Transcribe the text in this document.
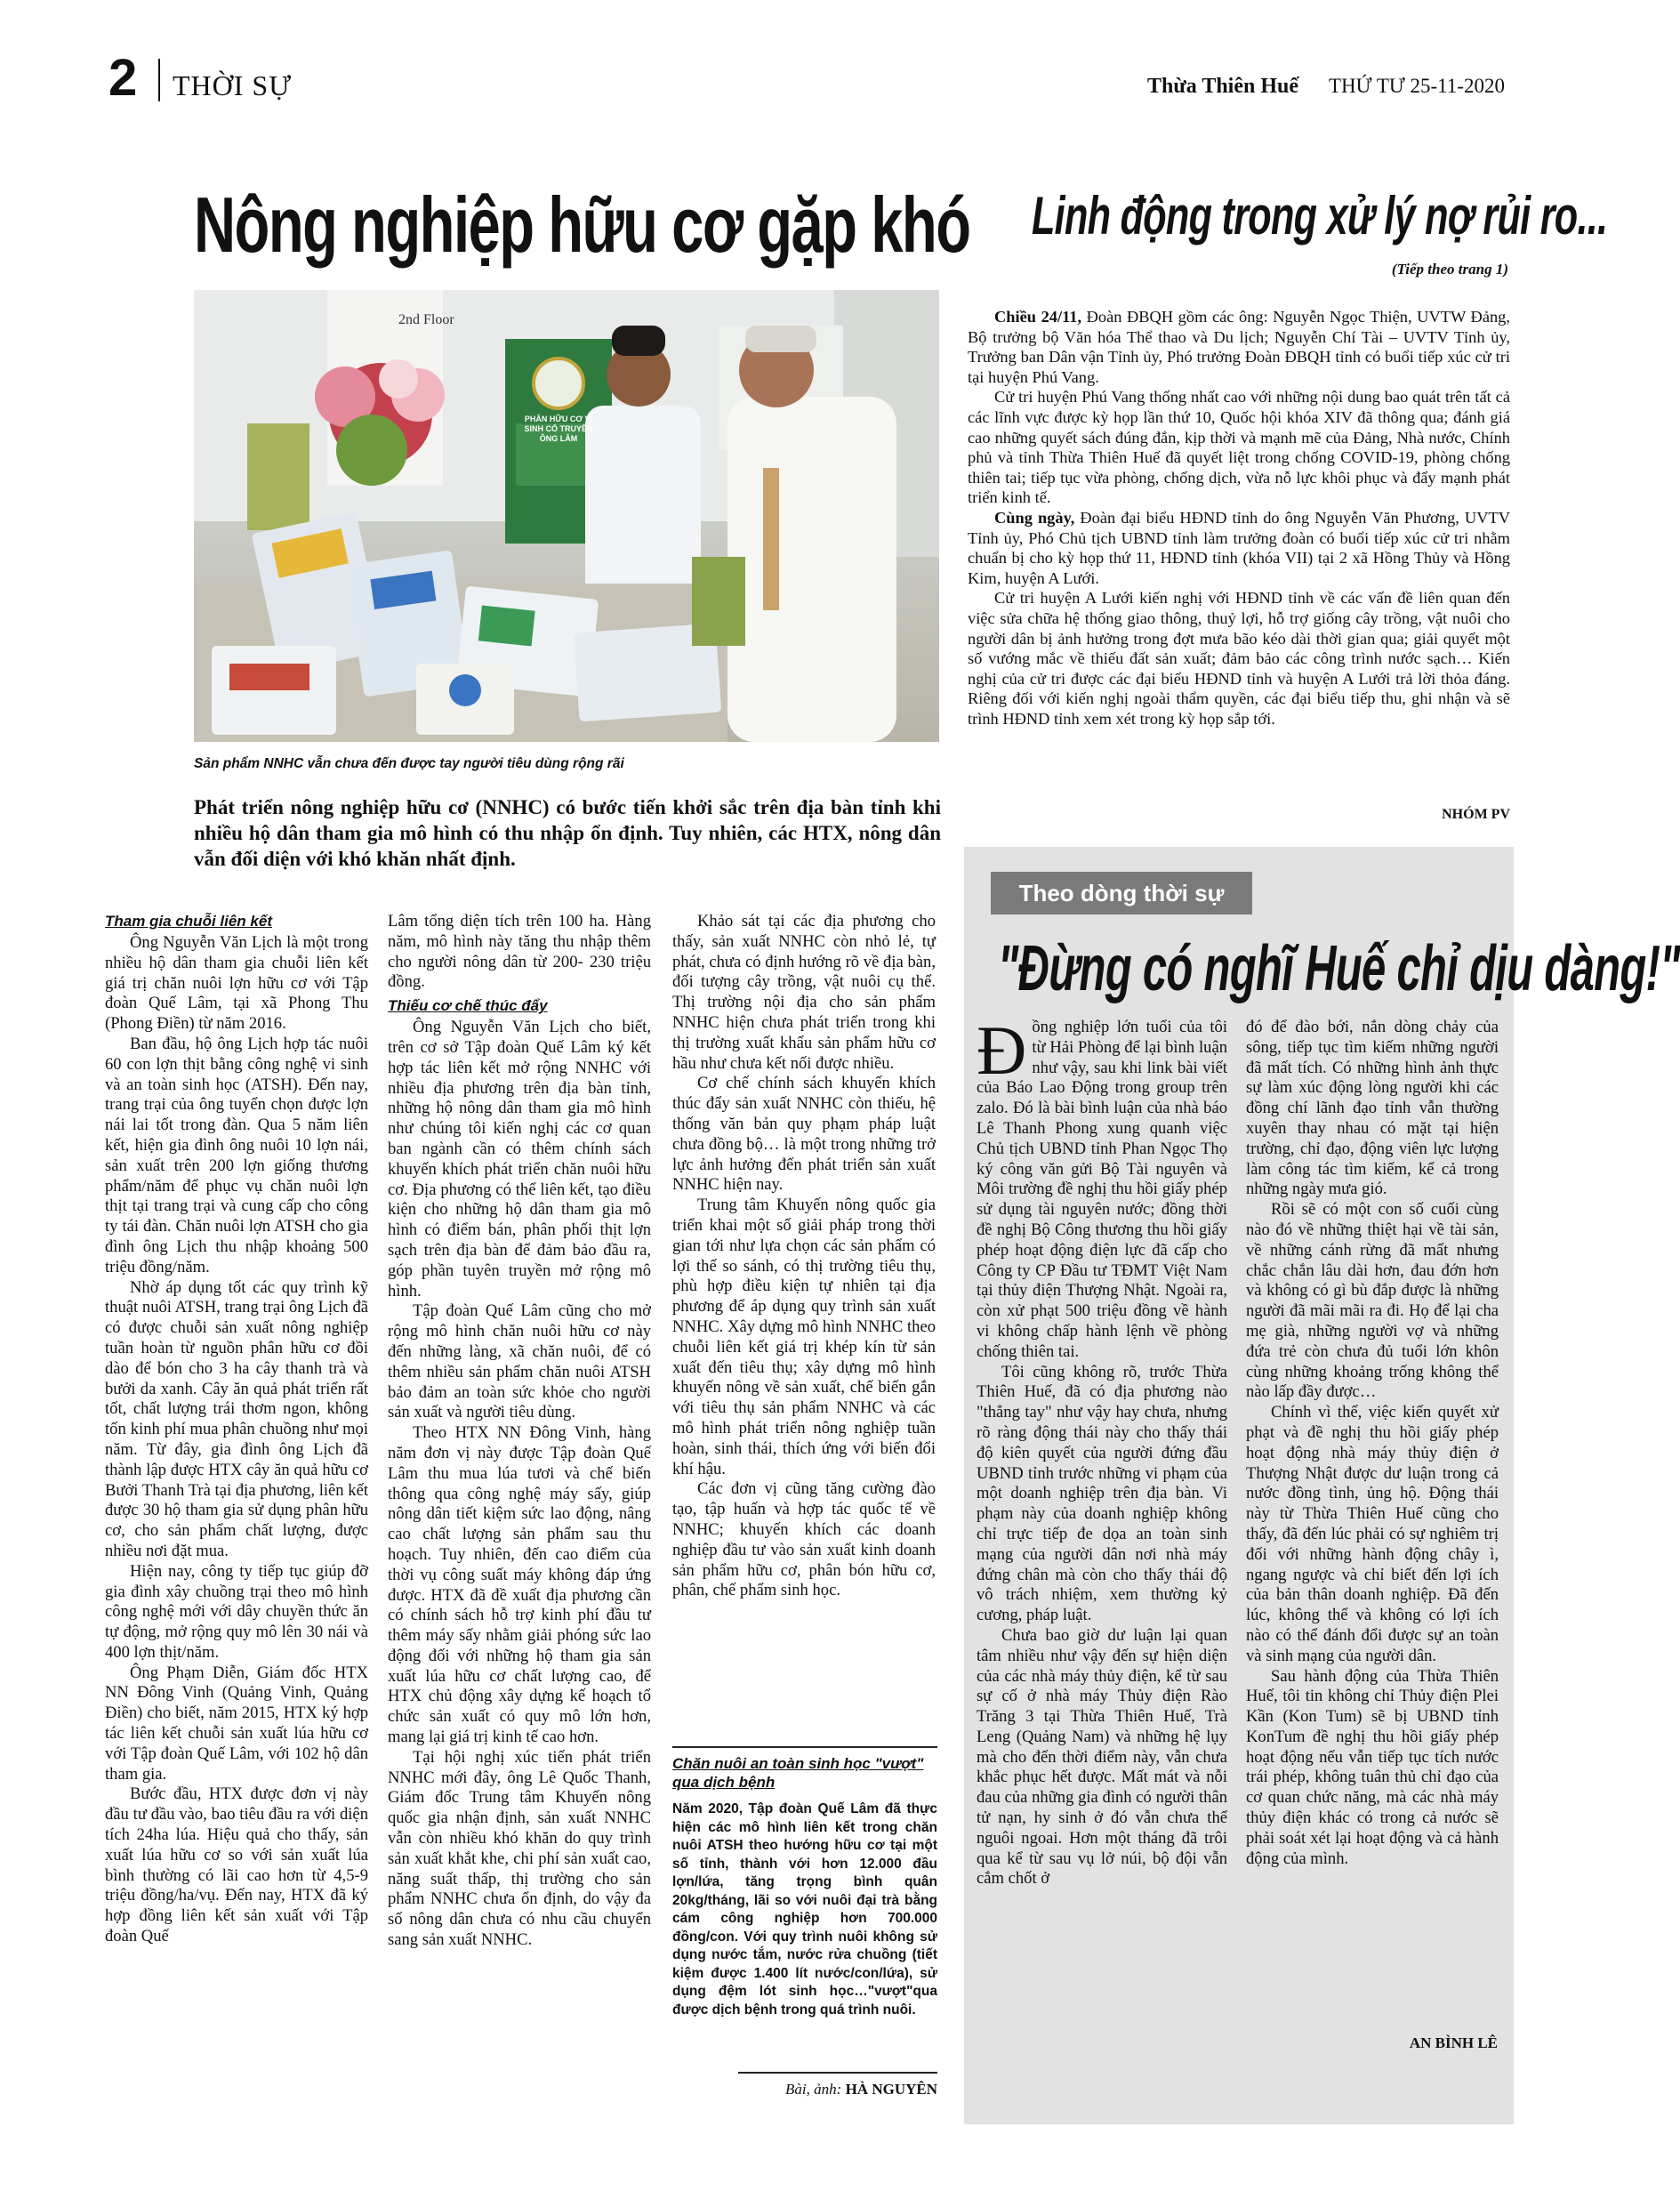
2 THỜI SỰ	Thừa Thiên Huế THỨ TƯ 25-11-2020
Nông nghiệp hữu cơ gặp khó
2nd Floor
PHÂN HỮU CƠ VI SINH CỔ TRUYỀN ÔNG LÂM
Sản phẩm NNHC vẫn chưa đến được tay người tiêu dùng rộng rãi
Phát triển nông nghiệp hữu cơ (NNHC) có bước tiến khởi sắc trên địa bàn tỉnh khi nhiều hộ dân tham gia mô hình có thu nhập ổn định. Tuy nhiên, các HTX, nông dân vẫn đối diện với khó khăn nhất định.
Tham gia chuỗi liên kết

Ông Nguyễn Văn Lịch là một trong nhiều hộ dân tham gia chuỗi liên kết giá trị chăn nuôi lợn hữu cơ với Tập đoàn Quế Lâm, tại xã Phong Thu (Phong Điền) từ năm 2016.

Ban đầu, hộ ông Lịch hợp tác nuôi 60 con lợn thịt bằng công nghệ vi sinh và an toàn sinh học (ATSH). Đến nay, trang trại của ông tuyển chọn được lợn nái lai tốt trong đàn. Qua 5 năm liên kết, hiện gia đình ông nuôi 10 lợn nái, sản xuất trên 200 lợn giống thương phẩm/năm để phục vụ chăn nuôi lợn thịt tại trang trại và cung cấp cho công ty tái đàn. Chăn nuôi lợn ATSH cho gia đình ông Lịch thu nhập khoảng 500 triệu đồng/năm.

Nhờ áp dụng tốt các quy trình kỹ thuật nuôi ATSH, trang trại ông Lịch đã có được chuỗi sản xuất nông nghiệp tuần hoàn từ nguồn phân hữu cơ đồi dào để bón cho 3 ha cây thanh trà và bưởi da xanh. Cây ăn quả phát triển rất tốt, chất lượng trái thơm ngon, không tốn kinh phí mua phân chuồng như mọi năm. Từ đây, gia đình ông Lịch đã thành lập được HTX cây ăn quả hữu cơ Bưởi Thanh Trà tại địa phương, liên kết được 30 hộ tham gia sử dụng phân hữu cơ, cho sản phẩm chất lượng, được nhiều nơi đặt mua.

Hiện nay, công ty tiếp tục giúp đỡ gia đình xây chuồng trại theo mô hình công nghệ mới với dây chuyền thức ăn tự động, mở rộng quy mô lên 30 nái và 400 lợn thịt/năm.

Ông Phạm Diễn, Giám đốc HTX NN Đông Vinh (Quảng Vinh, Quảng Điền) cho biết, năm 2015, HTX ký hợp tác liên kết chuỗi sản xuất lúa hữu cơ với Tập đoàn Quế Lâm, với 102 hộ dân tham gia.

Bước đầu, HTX được đơn vị này đầu tư đầu vào, bao tiêu đầu ra với diện tích 24ha lúa. Hiệu quả cho thấy, sản xuất lúa hữu cơ so với sản xuất lúa bình thường có lãi cao hơn từ 4,5-9 triệu đồng/ha/vụ. Đến nay, HTX đã ký hợp đồng liên kết sản xuất với Tập đoàn Quế

Lâm tổng diện tích trên 100 ha. Hàng năm, mô hình này tăng thu nhập thêm cho người nông dân từ 200- 230 triệu đồng.

Thiếu cơ chế thúc đẩy

Ông Nguyễn Văn Lịch cho biết, trên cơ sở Tập đoàn Quế Lâm ký kết hợp tác liên kết mở rộng NNHC với nhiều địa phương trên địa bàn tỉnh, những hộ nông dân tham gia mô hình như chúng tôi kiến nghị các cơ quan ban ngành cần có thêm chính sách khuyến khích phát triển chăn nuôi hữu cơ. Địa phương có thể liên kết, tạo điều kiện cho những hộ dân tham gia mô hình có điểm bán, phân phối thịt lợn sạch trên địa bàn để đảm bảo đầu ra, góp phần tuyên truyền mở rộng mô hình.

Tập đoàn Quế Lâm cũng cho mở rộng mô hình chăn nuôi hữu cơ này đến những làng, xã chăn nuôi, để có thêm nhiều sản phẩm chăn nuôi ATSH bảo đảm an toàn sức khỏe cho người sản xuất và người tiêu dùng.

Theo HTX NN Đông Vinh, hàng năm đơn vị này được Tập đoàn Quế Lâm thu mua lúa tươi và chế biến thông qua công nghệ máy sấy, giúp nông dân tiết kiệm sức lao động, nâng cao chất lượng sản phẩm sau thu hoạch. Tuy nhiên, đến cao điểm của thời vụ công suất máy không đáp ứng được. HTX đã đề xuất địa phương cần có chính sách hỗ trợ kinh phí đầu tư thêm máy sấy nhằm giải phóng sức lao động đối với những hộ tham gia sản xuất lúa hữu cơ chất lượng cao, để HTX chủ động xây dựng kế hoạch tổ chức sản xuất có quy mô lớn hơn, mang lại giá trị kinh tế cao hơn.

Tại hội nghị xúc tiến phát triển NNHC mới đây, ông Lê Quốc Thanh, Giám đốc Trung tâm Khuyến nông quốc gia nhận định, sản xuất NNHC vẫn còn nhiều khó khăn do quy trình sản xuất khắt khe, chi phí sản xuất cao, năng suất thấp, thị trường cho sản phẩm NNHC chưa ổn định, do vậy đa số nông dân chưa có nhu cầu chuyển sang sản xuất NNHC.

Khảo sát tại các địa phương cho thấy, sản xuất NNHC còn nhỏ lẻ, tự phát, chưa có định hướng rõ về địa bàn, đối tượng cây trồng, vật nuôi cụ thể. Thị trường nội địa cho sản phẩm NNHC hiện chưa phát triển trong khi thị trường xuất khẩu sản phẩm hữu cơ hầu như chưa kết nối được nhiều.

Cơ chế chính sách khuyến khích thúc đẩy sản xuất NNHC còn thiếu, hệ thống văn bản quy phạm pháp luật chưa đồng bộ… là một trong những trở lực ảnh hưởng đến phát triển sản xuất NNHC hiện nay.

Trung tâm Khuyến nông quốc gia triển khai một số giải pháp trong thời gian tới như lựa chọn các sản phẩm có lợi thế so sánh, có thị trường tiêu thụ, phù hợp điều kiện tự nhiên tại địa phương để áp dụng quy trình sản xuất NNHC. Xây dựng mô hình NNHC theo chuỗi liên kết giá trị khép kín từ sản xuất đến tiêu thụ; xây dựng mô hình khuyến nông về sản xuất, chế biến gắn với tiêu thụ sản phẩm NNHC và các mô hình phát triển nông nghiệp tuần hoàn, sinh thái, thích ứng với biến đổi khí hậu.

Các đơn vị cũng tăng cường đào tạo, tập huấn và hợp tác quốc tế về NNHC; khuyến khích các doanh nghiệp đầu tư vào sản xuất kinh doanh sản phẩm hữu cơ, phân bón hữu cơ, phân, chế phẩm sinh học.

Chăn nuôi an toàn sinh học "vượt" qua dịch bệnh
Năm 2020, Tập đoàn Quế Lâm đã thực hiện các mô hình liên kết trong chăn nuôi ATSH theo hướng hữu cơ tại một số tỉnh, thành với hơn 12.000 đầu lợn/lứa, tăng trọng bình quân 20kg/tháng, lãi so với nuôi đại trà bằng cám công nghiệp hơn 700.000 đồng/con. Với quy trình nuôi không sử dụng nước tắm, nước rửa chuồng (tiết kiệm được 1.400 lít nước/con/lứa), sử dụng đệm lót sinh học…"vượt"qua được dịch bệnh trong quá trình nuôi.
Bài, ảnh: HÀ NGUYÊN
Linh động trong xử lý nợ rủi ro...
(Tiếp theo trang 1)

Chiều 24/11, Đoàn ĐBQH gồm các ông: Nguyễn Ngọc Thiện, UVTW Đảng, Bộ trưởng bộ Văn hóa Thể thao và Du lịch; Nguyễn Chí Tài – UVTV Tỉnh ủy, Trưởng ban Dân vận Tỉnh ủy, Phó trưởng Đoàn ĐBQH tỉnh có buổi tiếp xúc cử tri tại huyện Phú Vang.

Cử tri huyện Phú Vang thống nhất cao với những nội dung bao quát trên tất cả các lĩnh vực được kỳ họp lần thứ 10, Quốc hội khóa XIV đã thông qua; đánh giá cao những quyết sách đúng đắn, kịp thời và mạnh mẽ của Đảng, Nhà nước, Chính phủ và tỉnh Thừa Thiên Huế đã quyết liệt trong chống COVID-19, phòng chống thiên tai; tiếp tục vừa phòng, chống dịch, vừa nỗ lực khôi phục và đẩy mạnh phát triển kinh tế.

Cùng ngày, Đoàn đại biểu HĐND tỉnh do ông Nguyễn Văn Phương, UVTV Tỉnh ủy, Phó Chủ tịch UBND tỉnh làm trưởng đoàn có buổi tiếp xúc cử tri nhằm chuẩn bị cho kỳ họp thứ 11, HĐND tỉnh (khóa VII) tại 2 xã Hồng Thủy và Hồng Kim, huyện A Lưới.

Cử tri huyện A Lưới kiến nghị với HĐND tỉnh về các vấn đề liên quan đến việc sửa chữa hệ thống giao thông, thuỷ lợi, hỗ trợ giống cây trồng, vật nuôi cho người dân bị ảnh hưởng trong đợt mưa bão kéo dài thời gian qua; giải quyết một số vướng mắc về thiếu đất sản xuất; đảm bảo các công trình nước sạch… Kiến nghị của cử tri được các đại biểu HĐND tỉnh và huyện A Lưới trả lời thỏa đáng. Riêng đối với kiến nghị ngoài thẩm quyền, các đại biểu tiếp thu, ghi nhận và sẽ trình HĐND tỉnh xem xét trong kỳ họp sắp tới.

NHÓM PV
Theo dòng thời sự
"Đừng có nghĩ Huế chỉ dịu dàng!"

Đồng nghiệp lớn tuổi của tôi từ Hải Phòng để lại bình luận như vậy, sau khi link bài viết của Báo Lao Động trong group trên zalo. Đó là bài bình luận của nhà báo Lê Thanh Phong xung quanh việc Chủ tịch UBND tỉnh Phan Ngọc Thọ ký công văn gửi Bộ Tài nguyên và Môi trường đề nghị thu hồi giấy phép sử dụng tài nguyên nước; đồng thời đề nghị Bộ Công thương thu hồi giấy phép hoạt động điện lực đã cấp cho Công ty CP Đầu tư TĐMT Việt Nam tại thủy điện Thượng Nhật. Ngoài ra, còn xử phạt 500 triệu đồng về hành vi không chấp hành lệnh về phòng chống thiên tai.

Tôi cũng không rõ, trước Thừa Thiên Huế, đã có địa phương nào "thẳng tay" như vậy hay chưa, nhưng rõ ràng động thái này cho thấy thái độ kiên quyết của người đứng đầu UBND tỉnh trước những vi phạm của một doanh nghiệp trên địa bàn. Vi phạm này của doanh nghiệp không chỉ trực tiếp đe dọa an toàn sinh mạng của người dân nơi nhà máy đứng chân mà còn cho thấy thái độ vô trách nhiệm, xem thường kỷ cương, pháp luật.

Chưa bao giờ dư luận lại quan tâm nhiều như vậy đến sự hiện diện của các nhà máy thủy điện, kể từ sau sự cố ở nhà máy Thủy điện Rào Trăng 3 tại Thừa Thiên Huế, Trà Leng (Quảng Nam) và những hệ lụy mà cho đến thời điểm này, vẫn chưa khắc phục hết được. Mất mát và nỗi đau của những gia đình có người thân tử nạn, hy sinh ở đó vẫn chưa thể nguôi ngoai. Hơn một tháng đã trôi qua kể từ sau vụ lở núi, bộ đội vẫn cắm chốt ở

đó để đào bới, nắn dòng chảy của sông, tiếp tục tìm kiếm những người đã mất tích. Có những hình ảnh thực sự làm xúc động lòng người khi các đồng chí lãnh đạo tỉnh vẫn thường xuyên thay nhau có mặt tại hiện trường, chỉ đạo, động viên lực lượng làm công tác tìm kiếm, kể cả trong những ngày mưa gió.

Rồi sẽ có một con số cuối cùng nào đó về những thiệt hại về tài sản, về những cánh rừng đã mất nhưng chắc chắn lâu dài hơn, đau đớn hơn và không có gì bù đắp được là những người đã mãi mãi ra đi. Họ để lại cha mẹ già, những người vợ và những đứa trẻ còn chưa đủ tuổi lớn khôn cùng những khoảng trống không thể nào lấp đầy được…

Chính vì thế, việc kiến quyết xử phạt và đề nghị thu hồi giấy phép hoạt động nhà máy thủy điện ở Thượng Nhật được dư luận trong cả nước đồng tình, ủng hộ. Động thái này từ Thừa Thiên Huế cũng cho thấy, đã đến lúc phải có sự nghiêm trị đối với những hành động chây ì, ngang ngược và chỉ biết đến lợi ích của bản thân doanh nghiệp. Đã đến lúc, không thể và không có lợi ích nào có thể đánh đổi được sự an toàn và sinh mạng của người dân.

Sau hành động của Thừa Thiên Huế, tôi tin không chỉ Thủy điện Plei Kần (Kon Tum) sẽ bị UBND tỉnh KonTum đề nghị thu hồi giấy phép hoạt động nếu vẫn tiếp tục tích nước trái phép, không tuân thủ chỉ đạo của cơ quan chức năng, mà các nhà máy thủy điện khác có trong cả nước sẽ phải soát xét lại hoạt động và cả hành động của mình.

AN BÌNH LÊ
